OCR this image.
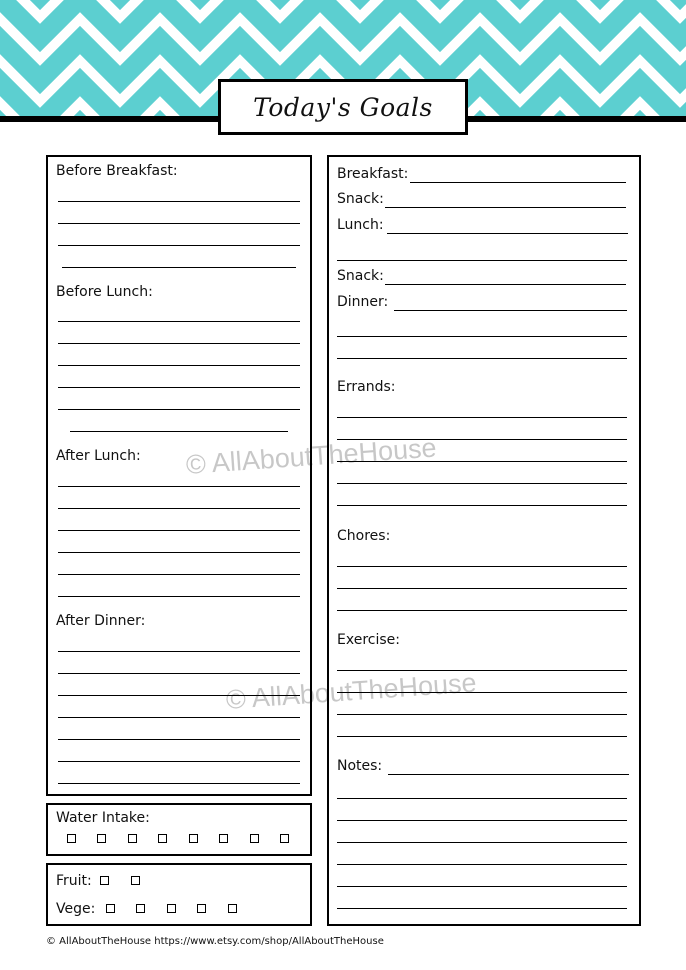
Today's Goals
Before Breakfast:
Before Lunch:
After Lunch:
After Dinner:
Water Intake:
Fruit:
Vege:
Breakfast:
Snack:
Lunch:
Snack:
Dinner:
Errands:
Chores:
Exercise:
Notes:
© AllAboutTheHouse
© AllAboutTheHouse
© AllAboutTheHouse https://www.etsy.com/shop/AllAboutTheHouse
